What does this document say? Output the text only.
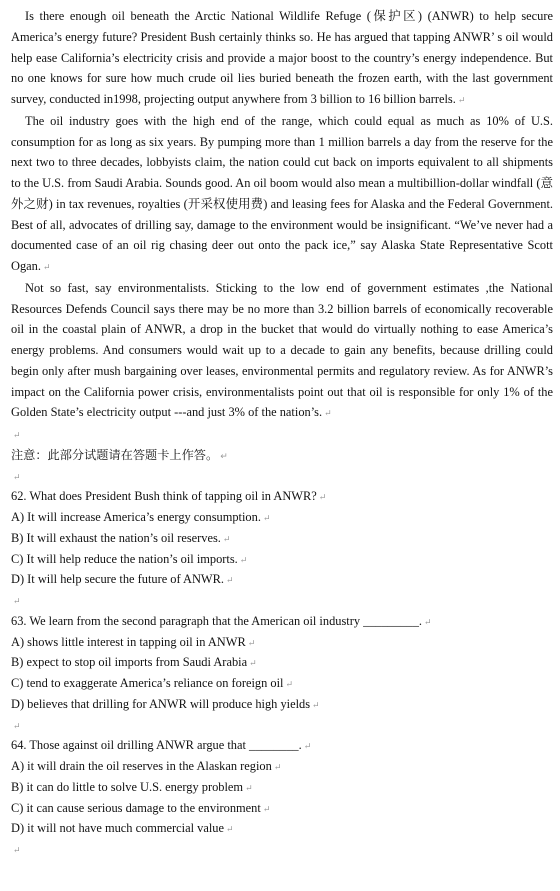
Is there enough oil beneath the Arctic National Wildlife Refuge (保护区) (ANWR) to help secure America’s energy future? President Bush certainly thinks so. He has argued that tapping ANWR’ s oil would help ease California’s electricity crisis and provide a major boost to the country’s energy independence. But no one knows for sure how much crude oil lies buried beneath the frozen earth, with the last government survey, conducted in1998, projecting output anywhere from 3 billion to 16 billion barrels. ↵

The oil industry goes with the high end of the range, which could equal as much as 10% of U.S. consumption for as long as six years. By pumping more than 1 million barrels a day from the reserve for the next two to three decades, lobbyists claim, the nation could cut back on imports equivalent to all shipments to the U.S. from Saudi Arabia. Sounds good. An oil boom would also mean a multibillion-dollar windfall (意外之财) in tax revenues, royalties (开采权使用费) and leasing fees for Alaska and the Federal Government. Best of all, advocates of drilling say, damage to the environment would be insignificant. “We’ve never had a documented case of an oil rig chasing deer out onto the pack ice,” say Alaska State Representative Scott Ogan. ↵

Not so fast, say environmentalists. Sticking to the low end of government estimates ,the National Resources Defends Council says there may be no more than 3.2 billion barrels of economically recoverable oil in the coastal plain of ANWR, a drop in the bucket that would do virtually nothing to ease America’s energy problems. And consumers would wait up to a decade to gain any benefits, because drilling could begin only after mush bargaining over leases, environmental permits and regulatory review. As for ANWR’s impact on the California power crisis, environmentalists point out that oil is responsible for only 1% of the Golden State’s electricity output ---and just 3% of the nation’s. ↵

↵
注意：此部分试题请在答题卡上作答。 ↵
↵
62. What does President Bush think of tapping oil in ANWR? ↵
A) It will increase America’s energy consumption. ↵
B) It will exhaust the nation’s oil reserves. ↵
C) It will help reduce the nation’s oil imports. ↵
D) It will help secure the future of ANWR. ↵
↵
63. We learn from the second paragraph that the American oil industry _________. ↵
A) shows little interest in tapping oil in ANWR ↵
B) expect to stop oil imports from Saudi Arabia ↵
C) tend to exaggerate America’s reliance on foreign oil ↵
D) believes that drilling for ANWR will produce high yields ↵
↵
64. Those against oil drilling ANWR argue that ________. ↵
A) it will drain the oil reserves in the Alaskan region ↵
B) it can do little to solve U.S. energy problem ↵
C) it can cause serious damage to the environment ↵
D) it will not have much commercial value ↵
↵
